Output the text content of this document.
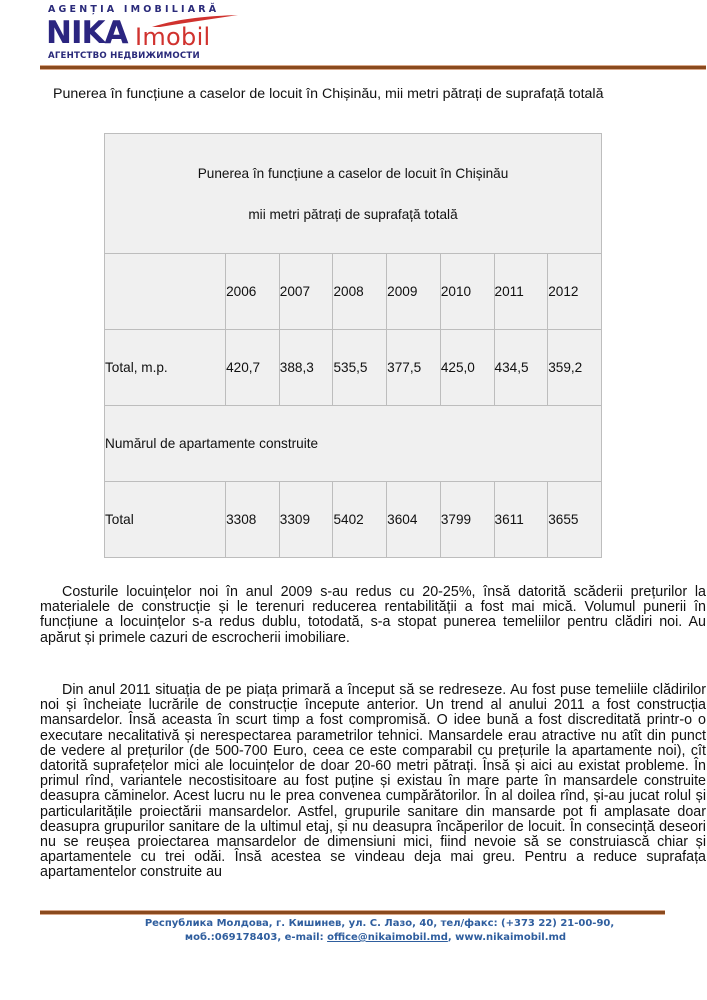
AGENȚIA IMOBILIARĂ
NIKA Imobil
АГЕНТСТВО НЕДВИЖИМОСТИ
Punerea în funcțiune a caselor de locuit în Chișinău, mii metri pătrați de suprafață totală
Punerea în funcțiune a caselor de locuit în Chișinău
mii metri pătrați de suprafață totală							
	2006	2007	2008	2009	2010	2011	2012
Total, m.p.	420,7	388,3	535,5	377,5	425,0	434,5	359,2
Numărul de apartamente construite							
Total	3308	3309	5402	3604	3799	3611	3655

Costurile locuințelor noi în anul 2009 s-au redus cu 20-25%, însă datorită scăderii prețurilor la materialele de construcție și le terenuri reducerea rentabilității a fost mai mică. Volumul punerii în funcțiune a locuințelor s-a redus dublu, totodată, s-a stopat punerea temeliilor pentru clădiri noi. Au apărut și primele cazuri de escrocherii imobiliare.

Din anul 2011 situația de pe piața primară a început să se redreseze. Au fost puse temeliile clădirilor noi și încheiate lucrările de construcție începute anterior. Un trend al anului 2011 a fost construcția mansardelor. Însă aceasta în scurt timp a fost compromisă. O idee bună a fost discreditată printr-o o executare necalitativă și nerespectarea parametrilor tehnici. Mansardele erau atractive nu atît din punct de vedere al prețurilor (de 500-700 Euro, ceea ce este comparabil cu prețurile la apartamente noi), cît datorită suprafețelor mici ale locuințelor de doar 20-60 metri pătrați. Însă și aici au existat probleme. În primul rînd, variantele necostisitoare au fost puține și existau în mare parte în mansardele construite deasupra căminelor. Acest lucru nu le prea convenea cumpărătorilor. În al doilea rînd, și-au jucat rolul și particularitățile proiectării mansardelor. Astfel, grupurile sanitare din mansarde pot fi amplasate doar deasupra grupurilor sanitare de la ultimul etaj, și nu deasupra încăperilor de locuit. În consecință deseori nu se reușea proiectarea mansardelor de dimensiuni mici, fiind nevoie să se construiască chiar și apartamentele cu trei odăi. Însă acestea se vindeau deja mai greu. Pentru a reduce suprafața apartamentelor construite au

Республика Молдова, г. Кишинев, ул. С. Лазо, 40, тел/факс: (+373 22) 21-00-90,
моб.:069178403, e-mail: office@nikaimobil.md, www.nikaimobil.md
